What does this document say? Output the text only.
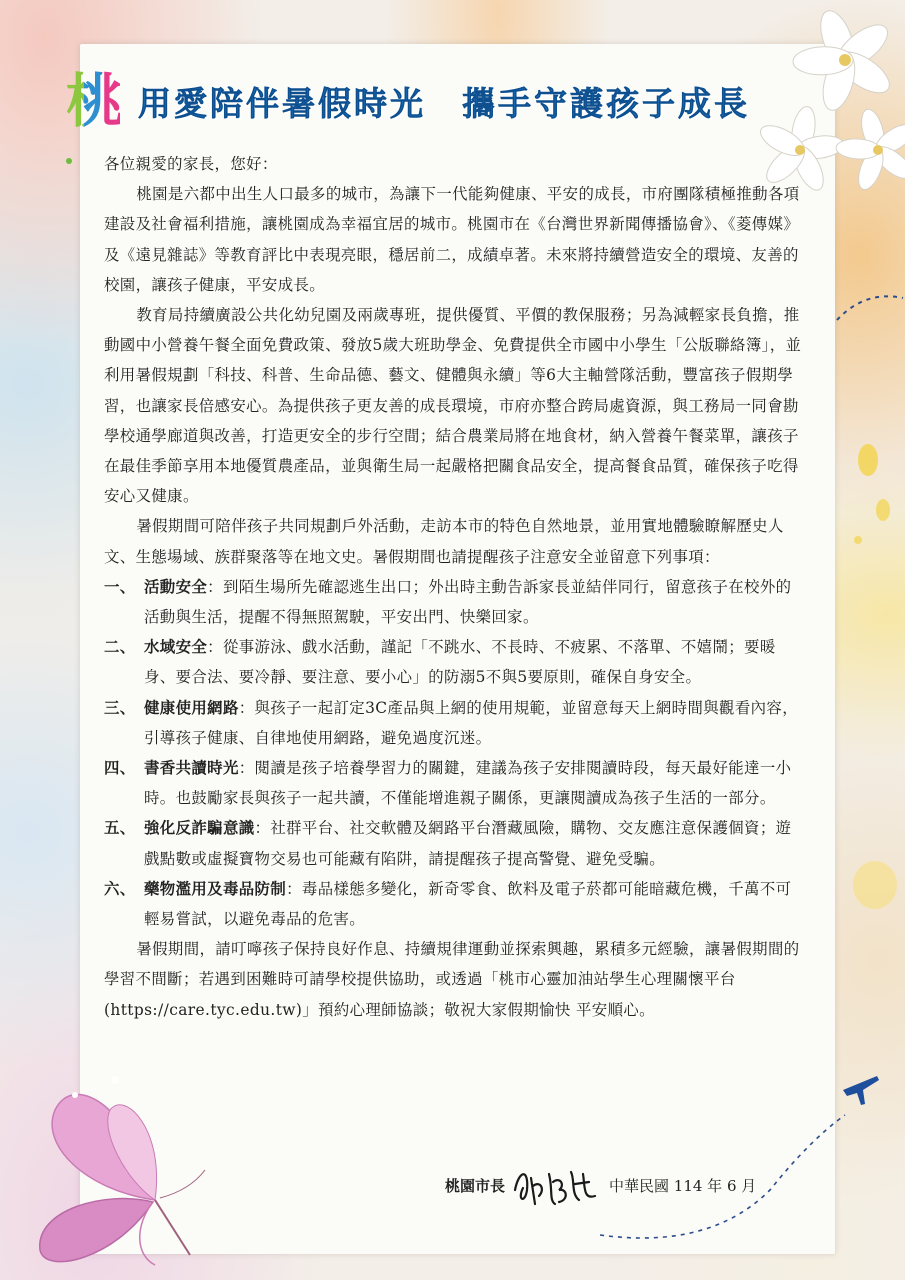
桃 用愛陪伴暑假時光　攜手守護孩子成長

各位親愛的家長，您好：

桃園是六都中出生人口最多的城市，為讓下一代能夠健康、平安的成長，市府團隊積極推動各項建設及社會福利措施，讓桃園成為幸福宜居的城市。桃園市在《台灣世界新聞傳播協會》、《菱傳媒》及《遠見雜誌》等教育評比中表現亮眼，穩居前二，成績卓著。未來將持續營造安全的環境、友善的校園，讓孩子健康，平安成長。

教育局持續廣設公共化幼兒園及兩歲專班，提供優質、平價的教保服務；另為減輕家長負擔，推動國中小營養午餐全面免費政策、發放5歲大班助學金、免費提供全市國中小學生「公版聯絡簿」，並利用暑假規劃「科技、科普、生命品德、藝文、健體與永續」等6大主軸營隊活動，豐富孩子假期學習，也讓家長倍感安心。為提供孩子更友善的成長環境，市府亦整合跨局處資源，與工務局一同會勘學校通學廊道與改善，打造更安全的步行空間；結合農業局將在地食材，納入營養午餐菜單，讓孩子在最佳季節享用本地優質農產品，並與衛生局一起嚴格把關食品安全，提高餐食品質，確保孩子吃得安心又健康。

暑假期間可陪伴孩子共同規劃戶外活動，走訪本市的特色自然地景，並用實地體驗瞭解歷史人文、生態場域、族群聚落等在地文史。暑假期間也請提醒孩子注意安全並留意下列事項：

一、 活動安全：到陌生場所先確認逃生出口；外出時主動告訴家長並結伴同行，留意孩子在校外的活動與生活，提醒不得無照駕駛，平安出門、快樂回家。
二、 水域安全：從事游泳、戲水活動，謹記「不跳水、不長時、不疲累、不落單、不嬉鬧；要暖身、要合法、要冷靜、要注意、要小心」的防溺5不與5要原則，確保自身安全。
三、 健康使用網路：與孩子一起訂定3C產品與上網的使用規範，並留意每天上網時間與觀看內容，引導孩子健康、自律地使用網路，避免過度沉迷。
四、 書香共讀時光：閱讀是孩子培養學習力的關鍵，建議為孩子安排閱讀時段，每天最好能達一小時。也鼓勵家長與孩子一起共讀，不僅能增進親子關係，更讓閱讀成為孩子生活的一部分。
五、 強化反詐騙意識：社群平台、社交軟體及網路平台潛藏風險，購物、交友應注意保護個資；遊戲點數或虛擬寶物交易也可能藏有陷阱，請提醒孩子提高警覺、避免受騙。
六、 藥物濫用及毒品防制：毒品樣態多變化，新奇零食、飲料及電子菸都可能暗藏危機，千萬不可輕易嘗試，以避免毒品的危害。

暑假期間，請叮嚀孩子保持良好作息、持續規律運動並探索興趣，累積多元經驗，讓暑假期間的學習不間斷；若遇到困難時可請學校提供協助，或透過「桃市心靈加油站學生心理關懷平台(https://care.tyc.edu.tw)」預約心理師協談；敬祝大家假期愉快 平安順心。

桃園市長	中華民國 114 年 6 月
